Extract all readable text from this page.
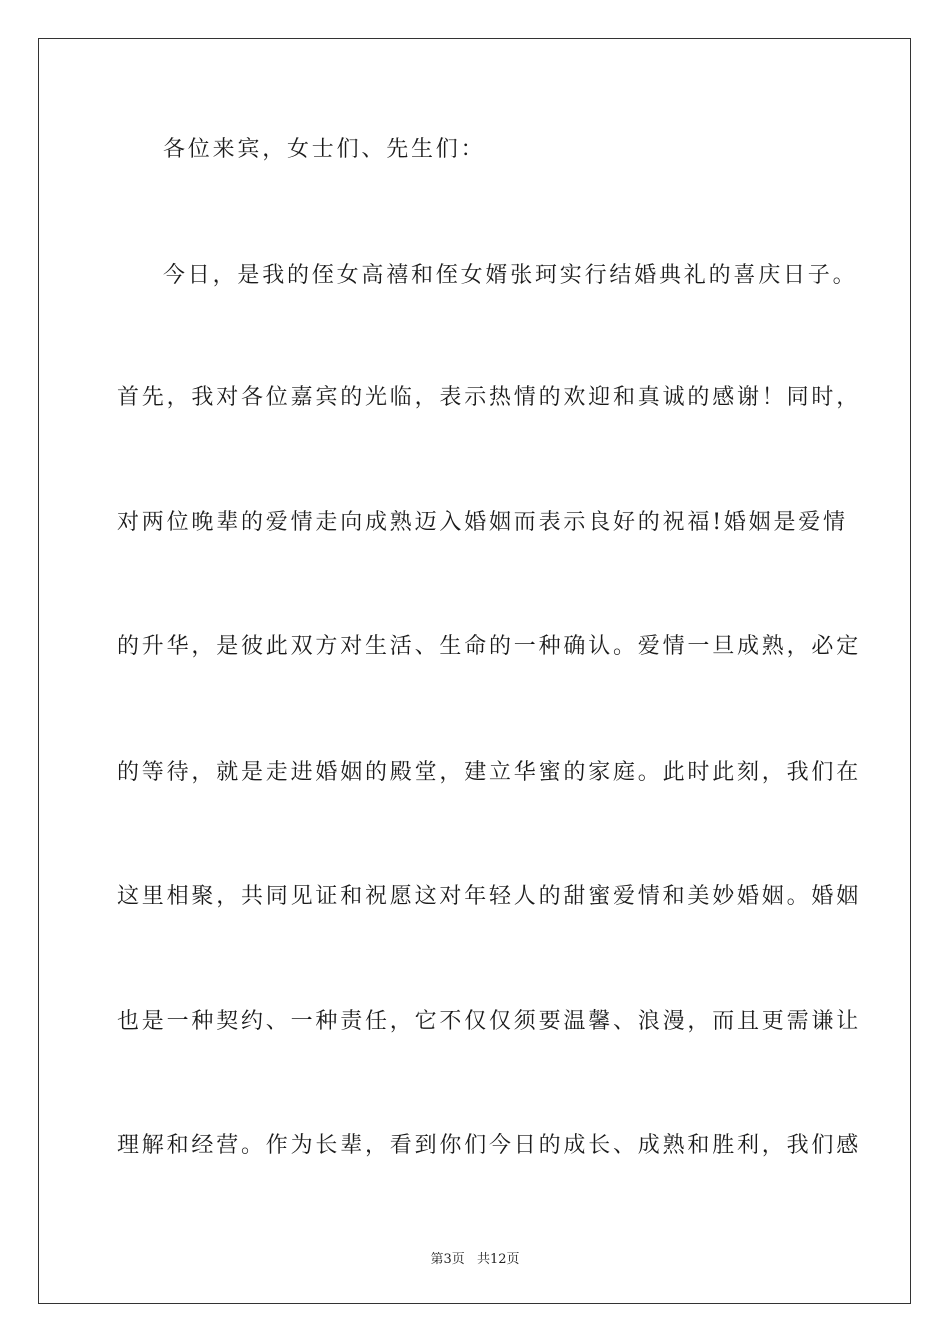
各位来宾，女士们、先生们：
今日，是我的侄女高禧和侄女婿张珂实行结婚典礼的喜庆日子。
首先，我对各位嘉宾的光临，表示热情的欢迎和真诚的感谢！同时，
对两位晚辈的爱情走向成熟迈入婚姻而表示良好的祝福!婚姻是爱情
的升华，是彼此双方对生活、生命的一种确认。爱情一旦成熟，必定
的等待，就是走进婚姻的殿堂，建立华蜜的家庭。此时此刻，我们在
这里相聚，共同见证和祝愿这对年轻人的甜蜜爱情和美妙婚姻。婚姻
也是一种契约、一种责任，它不仅仅须要温馨、浪漫，而且更需谦让
理解和经营。作为长辈，看到你们今日的成长、成熟和胜利，我们感
第3页 共12页
